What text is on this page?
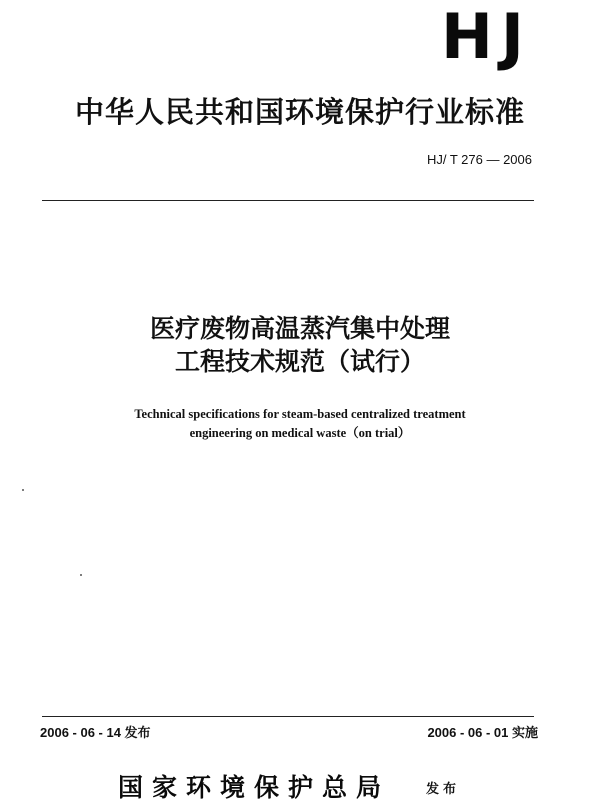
HJ
中华人民共和国环境保护行业标准
HJ/ T 276 — 2006
医疗废物高温蒸汽集中处理
工程技术规范（试行）
Technical specifications for steam-based centralized treatment
engineering on medical waste（on trial）
2006 - 06 - 14 发布	2006 - 06 - 01 实施
国家环境保护总局	发布
